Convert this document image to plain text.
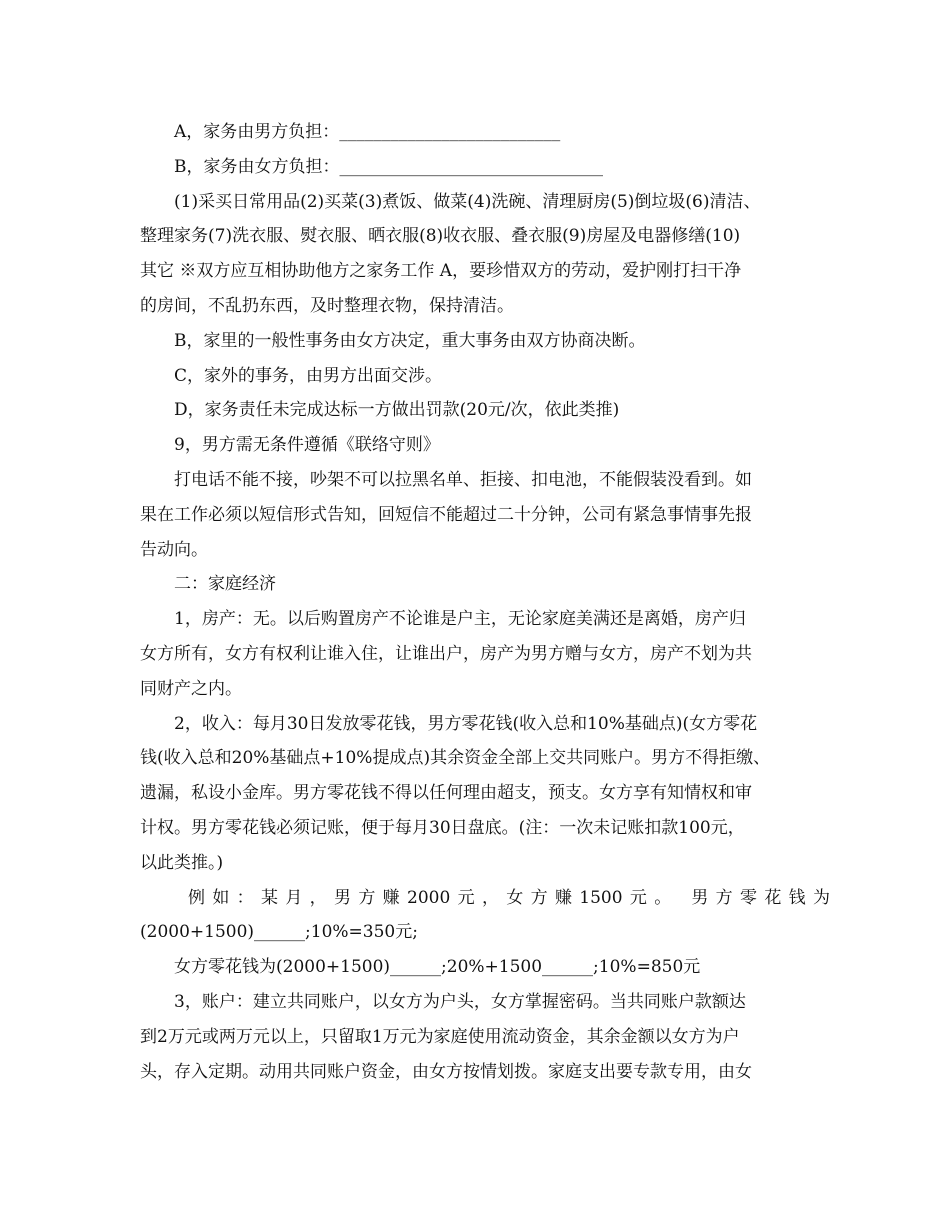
A，家务由男方负担：__________________________
B，家务由女方负担：_______________________________
(1)采买日常用品(2)买菜(3)煮饭、做菜(4)洗碗、清理厨房(5)倒垃圾(6)清洁、
整理家务(7)洗衣服、熨衣服、晒衣服(8)收衣服、叠衣服(9)房屋及电器修缮(10)
其它 ※双方应互相协助他方之家务工作 A，要珍惜双方的劳动，爱护刚打扫干净
的房间，不乱扔东西，及时整理衣物，保持清洁。
B，家里的一般性事务由女方决定，重大事务由双方协商决断。
C，家外的事务，由男方出面交涉。
D，家务责任未完成达标一方做出罚款(20元/次，依此类推)
9，男方需无条件遵循《联络守则》
打电话不能不接，吵架不可以拉黑名单、拒接、扣电池，不能假装没看到。如
果在工作必须以短信形式告知，回短信不能超过二十分钟，公司有紧急事情事先报
告动向。
二：家庭经济
1，房产：无。以后购置房产不论谁是户主，无论家庭美满还是离婚，房产归
女方所有，女方有权利让谁入住，让谁出户，房产为男方赠与女方，房产不划为共
同财产之内。
2，收入：每月30日发放零花钱，男方零花钱(收入总和10%基础点)(女方零花
钱(收入总和20%基础点+10%提成点)其余资金全部上交共同账户。男方不得拒缴、
遗漏，私设小金库。男方零花钱不得以任何理由超支，预支。女方享有知情权和审
计权。男方零花钱必须记账，便于每月30日盘底。(注：一次未记账扣款100元，
以此类推。)
例如：某月，男方赚2000元，女方赚1500元。 男方零花钱为
(2000+1500)______;10%=350元;
女方零花钱为(2000+1500)______;20%+1500______;10%=850元
3，账户：建立共同账户，以女方为户头，女方掌握密码。当共同账户款额达
到2万元或两万元以上，只留取1万元为家庭使用流动资金，其余金额以女方为户
头，存入定期。动用共同账户资金，由女方按情划拨。家庭支出要专款专用，由女
